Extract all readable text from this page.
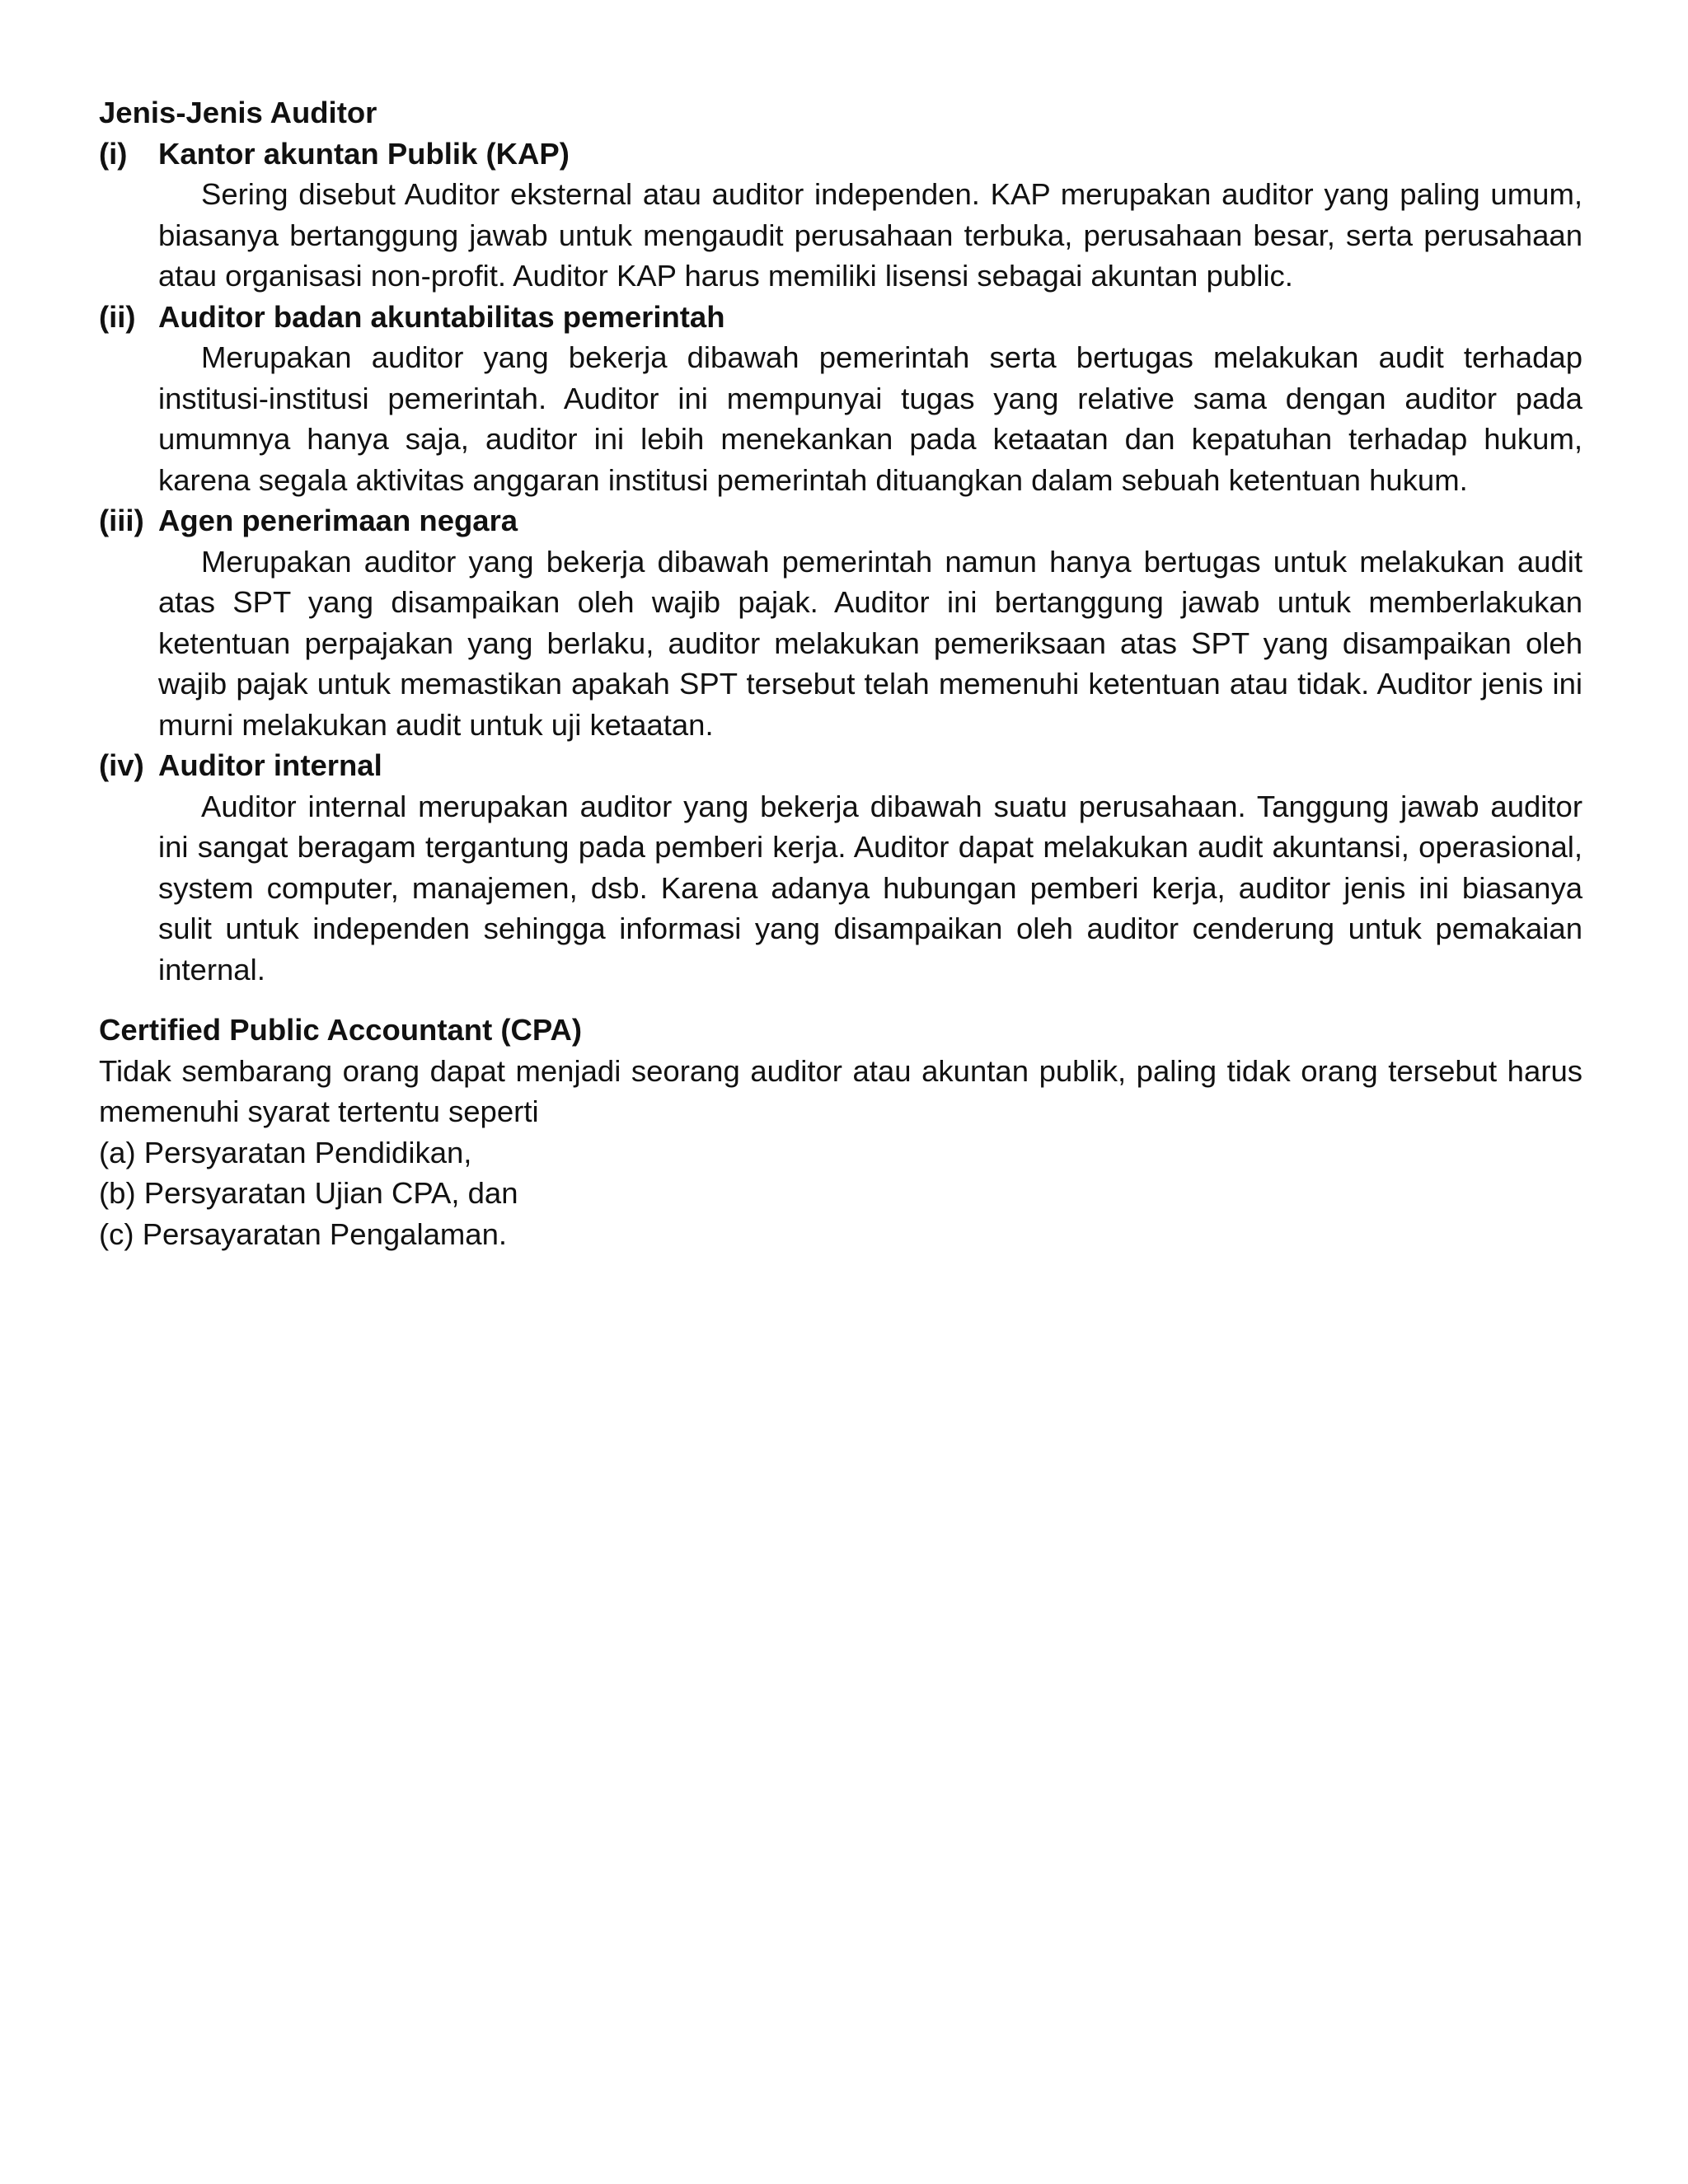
Jenis-Jenis Auditor

(i)	Kantor akuntan Publik (KAP)

Sering disebut Auditor eksternal atau auditor independen. KAP merupakan auditor yang paling umum, biasanya bertanggung jawab untuk mengaudit perusahaan terbuka, perusahaan besar, serta perusahaan atau organisasi non-profit. Auditor KAP harus memiliki lisensi sebagai akuntan public.

(ii) Auditor badan akuntabilitas pemerintah

Merupakan auditor yang bekerja dibawah pemerintah serta bertugas melakukan audit terhadap institusi-institusi pemerintah. Auditor ini mempunyai tugas yang relative sama dengan auditor pada umumnya hanya saja, auditor ini lebih menekankan pada ketaatan dan kepatuhan terhadap hukum, karena segala aktivitas anggaran institusi pemerintah dituangkan dalam sebuah ketentuan hukum.

(iii) Agen penerimaan negara

Merupakan auditor yang bekerja dibawah pemerintah namun hanya bertugas untuk melakukan audit atas SPT yang disampaikan oleh wajib pajak. Auditor ini bertanggung jawab untuk memberlakukan ketentuan perpajakan yang berlaku, auditor melakukan pemeriksaan atas SPT yang disampaikan oleh wajib pajak untuk memastikan apakah SPT tersebut telah memenuhi ketentuan atau tidak. Auditor jenis ini murni melakukan audit untuk uji ketaatan.

(iv) Auditor internal

Auditor internal merupakan auditor yang bekerja dibawah suatu perusahaan. Tanggung jawab auditor ini sangat beragam tergantung pada pemberi kerja. Auditor dapat melakukan audit akuntansi, operasional, system computer, manajemen, dsb. Karena adanya hubungan pemberi kerja, auditor jenis ini biasanya sulit untuk independen sehingga informasi yang disampaikan oleh auditor cenderung untuk pemakaian internal.

Certified Public Accountant (CPA)

Tidak sembarang orang dapat menjadi seorang auditor atau akuntan publik, paling tidak orang tersebut harus memenuhi syarat tertentu seperti

(a) Persyaratan Pendidikan,
(b) Persyaratan Ujian CPA, dan
(c) Persayaratan Pengalaman.
